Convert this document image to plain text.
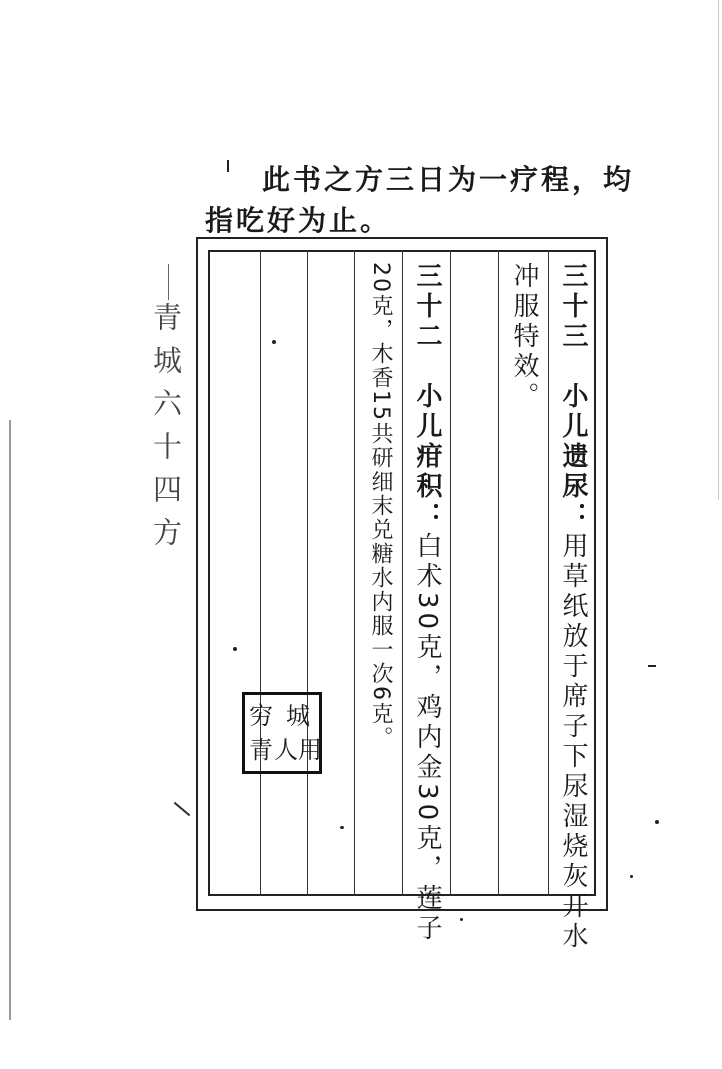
此书之方三日为一疗程，均
指吃好为止。
青城六十四方	三十三　小儿遗尿：用草纸放于席子下尿湿烧灰开水
冲服特效。
三十二　小儿疳积：白术30克，鸡内金30克，莲子
20克，木香15共研细末兑糖水内服一次6克。
穷 城
青 人 用
